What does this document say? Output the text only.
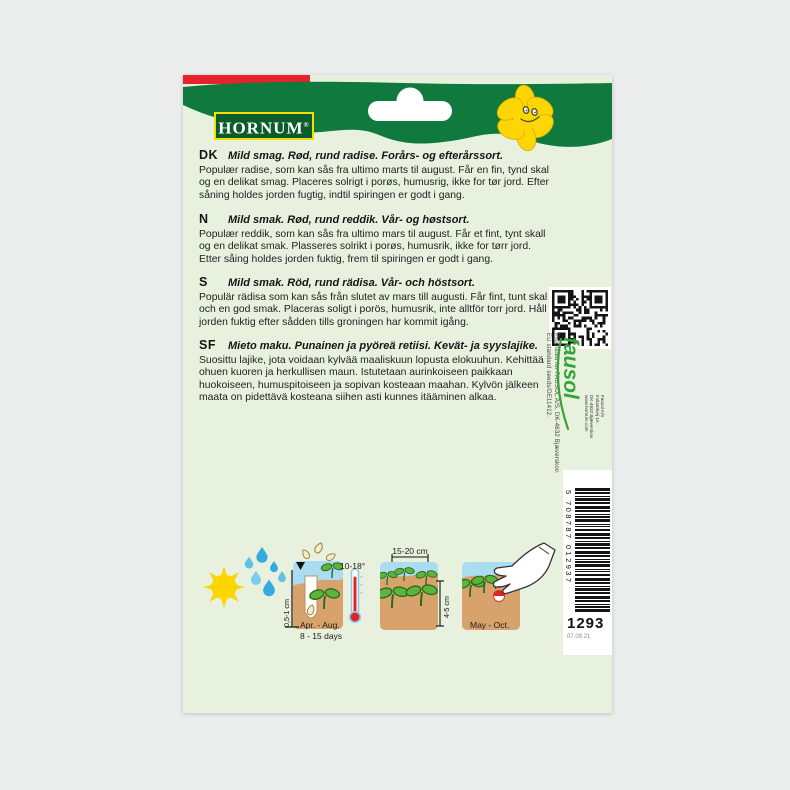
HORNUM®
DK Mild smag. Rød, rund radise. Forårs- og efterårssort.
Populær radise, som kan sås fra ultimo marts til august. Får en fin, tynd skal og en delikat smag. Placeres solrigt i porøs, humusrig, ikke for tør jord. Efter såning holdes jorden fugtig, indtil spiringen er godt i gang.
N Mild smak. Rød, rund reddik. Vår- og høstsort.
Populær reddik, som kan sås fra ultimo mars til august. Får et fint, tynt skall og en delikat smak. Plasseres solrikt i porøs, humusrik, ikke for tørr jord. Etter såing holdes jorden fuktig, frem til spiringen er godt i gang.
S Mild smak. Röd, rund rädisa. Vår- och höstsort.
Populär rädisa som kan sås från slutet av mars till augusti. Får fint, tunt skal och en god smak. Placeras soligt i porös, humusrik, inte alltför torr jord. Håll jorden fuktig efter sådden tills groningen har kommit igång.
SF Mieto maku. Punainen ja pyöreä retiisi. Kevät- ja syyslajike.
Suosittu lajike, jota voidaan kylvää maaliskuun lopusta elokuuhun. Kehittää ohuen kuoren ja herkullisen maun. Istutetaan aurinkoiseen paikkaan huokoiseen, humuspitoiseen ja sopivan kosteaan maahan. Kylvön jälkeen maata on pidettävä kosteana siihen asti kunnes itääminen alkaa.	EU standard seeds/DE11412. Produced for FAUSOL A/S, DK-4632 Bjæverskov.	Fausol A/S
Industrivej 1A
DK-4632 Bjæverskov
www.hornum.com
fausol
5 708787 012937
1293
07.09.21
0,5-1 cm
10-18°
Apr. - Aug.
8 - 15 days
15-20 cm
4-5 cm
May - Oct.
